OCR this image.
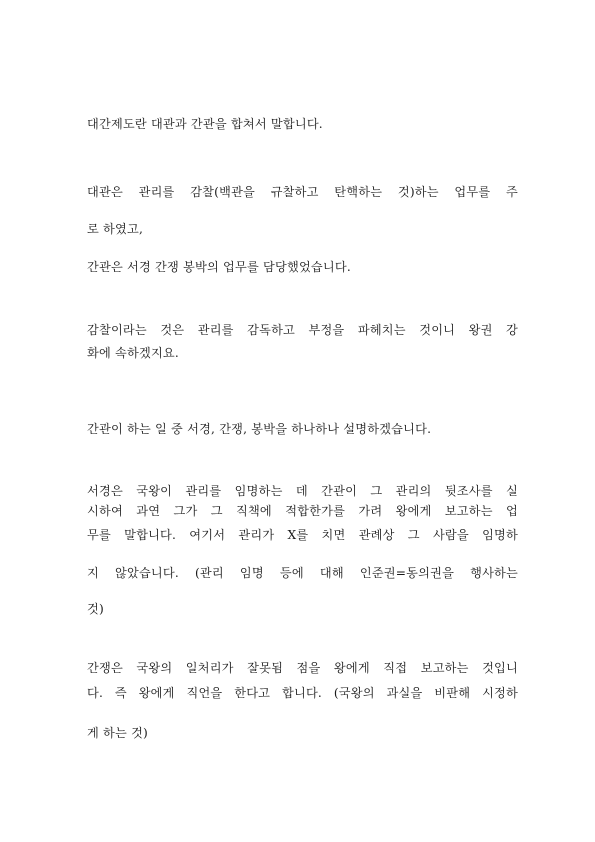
대간제도란 대관과 간관을 합쳐서 말합니다.
대관은 관리를 감찰(백관을 규찰하고 탄핵하는 것)하는 업무를 주
로 하였고,
간관은 서경 간쟁 봉박의 업무를 담당했었습니다.
감찰이라는 것은 관리를 감독하고 부정을 파헤치는 것이니 왕권 강
화에 속하겠지요.
간관이 하는 일 중 서경, 간쟁, 봉박을 하나하나 설명하겠습니다.
서경은 국왕이 관리를 임명하는 데 간관이 그 관리의 뒷조사를 실
시하여 과연 그가 그 직책에 적합한가를 가려 왕에게 보고하는 업
무를 말합니다. 여기서 관리가 X를 치면 관례상 그 사람을 임명하
지 않았습니다. (관리 임명 등에 대해 인준권=동의권을 행사하는
것)
간쟁은 국왕의 일처리가 잘못됨 점을 왕에게 직접 보고하는 것입니
다. 즉 왕에게 직언을 한다고 합니다. (국왕의 과실을 비판해 시정하
게 하는 것)
